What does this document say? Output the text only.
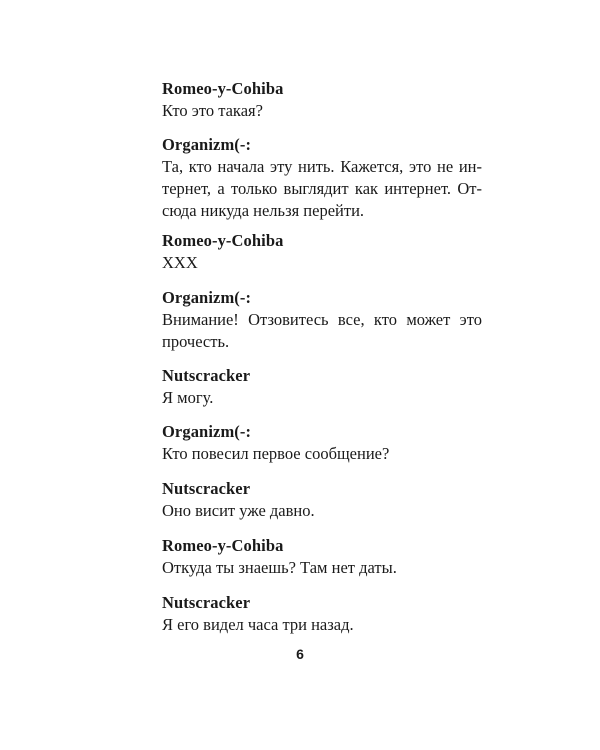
Romeo-y-Cohiba

Кто это такая?

Organizm(-:

Та, кто начала эту нить. Кажется, это не ин-

тернет, а только выглядит как интернет. От-

сюда никуда нельзя перейти.

Romeo-y-Cohiba

XXX

Organizm(-:

Внимание! Отзовитесь все, кто может это

прочесть.

Nutscracker

Я могу.

Organizm(-:

Кто повесил первое сообщение?

Nutscracker

Оно висит уже давно.

Romeo-y-Cohiba

Откуда ты знаешь? Там нет даты.

Nutscracker

Я его видел часа три назад.

6
